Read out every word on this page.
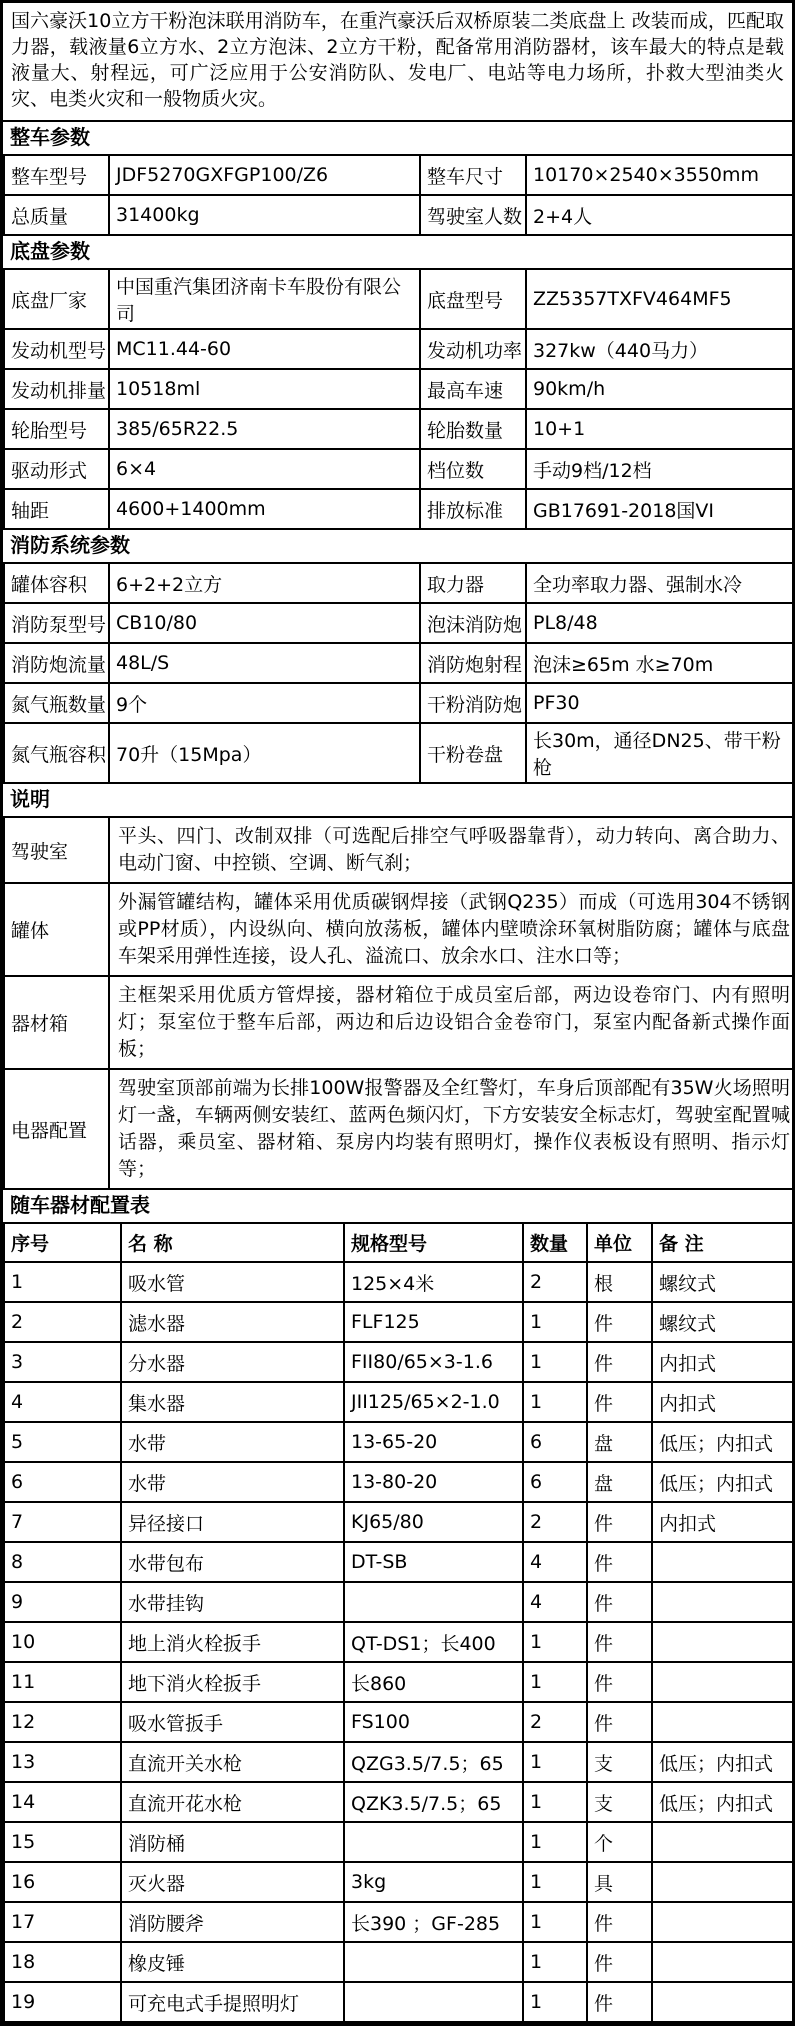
国六豪沃10立方干粉泡沫联用消防车，在重汽豪沃后双桥原装二类底盘上 改装而成，匹配取力器，载液量6立方水、2立方泡沫、2立方干粉，配备常用消防器材，该车最大的特点是载液量大、射程远，可广泛应用于公安消防队、发电厂、电站等电力场所，扑救大型油类火灾、电类火灾和一般物质火灾。

整车参数
整车型号	JDF5270GXFGP100/Z6	整车尺寸	10170×2540×3550mm
总质量	31400kg	驾驶室人数	2+4人
底盘参数
底盘厂家	中国重汽集团济南卡车股份有限公司	底盘型号	ZZ5357TXFV464MF5
发动机型号	MC11.44-60	发动机功率	327kw（440马力）
发动机排量	10518ml	最高车速	90km/h
轮胎型号	385/65R22.5	轮胎数量	10+1
驱动形式	6×4	档位数	手动9档/12档
轴距	4600+1400mm	排放标准	GB17691-2018国VI
消防系统参数
罐体容积	6+2+2立方	取力器	全功率取力器、强制水冷
消防泵型号	CB10/80	泡沫消防炮	PL8/48
消防炮流量	48L/S	消防炮射程	泡沫≥65m 水≥70m
氮气瓶数量	9个	干粉消防炮	PF30
氮气瓶容积	70升（15Mpa）	干粉卷盘	长30m，通径DN25、带干粉枪
说明
驾驶室	平头、四门、改制双排（可选配后排空气呼吸器靠背），动力转向、离合助力、电动门窗、中控锁、空调、断气刹；
罐体	外漏管罐结构，罐体采用优质碳钢焊接（武钢Q235）而成（可选用304不锈钢或PP材质），内设纵向、横向放荡板，罐体内壁喷涂环氧树脂防腐；罐体与底盘车架采用弹性连接，设人孔、溢流口、放余水口、注水口等；
器材箱	主框架采用优质方管焊接，器材箱位于成员室后部，两边设卷帘门、内有照明灯；泵室位于整车后部，两边和后边设铝合金卷帘门，泵室内配备新式操作面板；
电器配置	驾驶室顶部前端为长排100W报警器及全红警灯，车身后顶部配有35W火场照明灯一盏，车辆两侧安装红、蓝两色频闪灯，下方安装安全标志灯，驾驶室配置喊话器，乘员室、器材箱、泵房内均装有照明灯，操作仪表板设有照明、指示灯等；
随车器材配置表
序号	名 称	规格型号	数量	单位	备 注
1	吸水管	125×4米	2	根	螺纹式
2	滤水器	FLF125	1	件	螺纹式
3	分水器	FII80/65×3-1.6	1	件	内扣式
4	集水器	JII125/65×2-1.0	1	件	内扣式
5	水带	13-65-20	6	盘	低压；内扣式
6	水带	13-80-20	6	盘	低压；内扣式
7	异径接口	KJ65/80	2	件	内扣式
8	水带包布	DT-SB	4	件	
9	水带挂钩		4	件	
10	地上消火栓扳手	QT-DS1；长400	1	件	
11	地下消火栓扳手	长860	1	件	
12	吸水管扳手	FS100	2	件	
13	直流开关水枪	QZG3.5/7.5；65	1	支	低压；内扣式
14	直流开花水枪	QZK3.5/7.5；65	1	支	低压；内扣式
15	消防桶		1	个	
16	灭火器	3kg	1	具	
17	消防腰斧	长390 ；GF-285	1	件	
18	橡皮锤		1	件	
19	可充电式手提照明灯		1	件	
